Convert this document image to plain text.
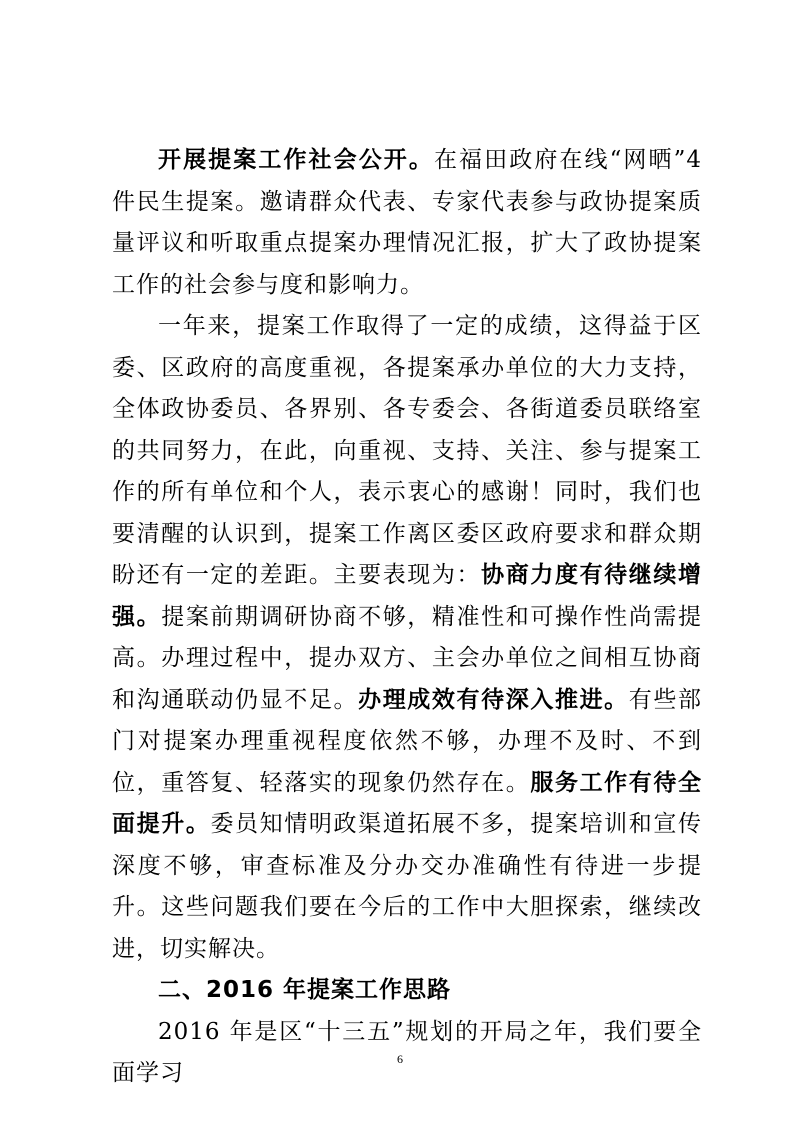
开展提案工作社会公开。在福田政府在线“网晒”4 件民生提案。邀请群众代表、专家代表参与政协提案质量评议和听取重点提案办理情况汇报，扩大了政协提案工作的社会参与度和影响力。

一年来，提案工作取得了一定的成绩，这得益于区委、区政府的高度重视，各提案承办单位的大力支持，全体政协委员、各界别、各专委会、各街道委员联络室的共同努力，在此，向重视、支持、关注、参与提案工作的所有单位和个人，表示衷心的感谢！同时，我们也要清醒的认识到，提案工作离区委区政府要求和群众期盼还有一定的差距。主要表现为：协商力度有待继续增强。提案前期调研协商不够，精准性和可操作性尚需提高。办理过程中，提办双方、主会办单位之间相互协商和沟通联动仍显不足。办理成效有待深入推进。有些部门对提案办理重视程度依然不够，办理不及时、不到位，重答复、轻落实的现象仍然存在。服务工作有待全面提升。委员知情明政渠道拓展不多，提案培训和宣传深度不够，审查标准及分办交办准确性有待进一步提升。这些问题我们要在今后的工作中大胆探索，继续改进，切实解决。

二、2016 年提案工作思路

2016 年是区“十三五”规划的开局之年，我们要全面学习

6
